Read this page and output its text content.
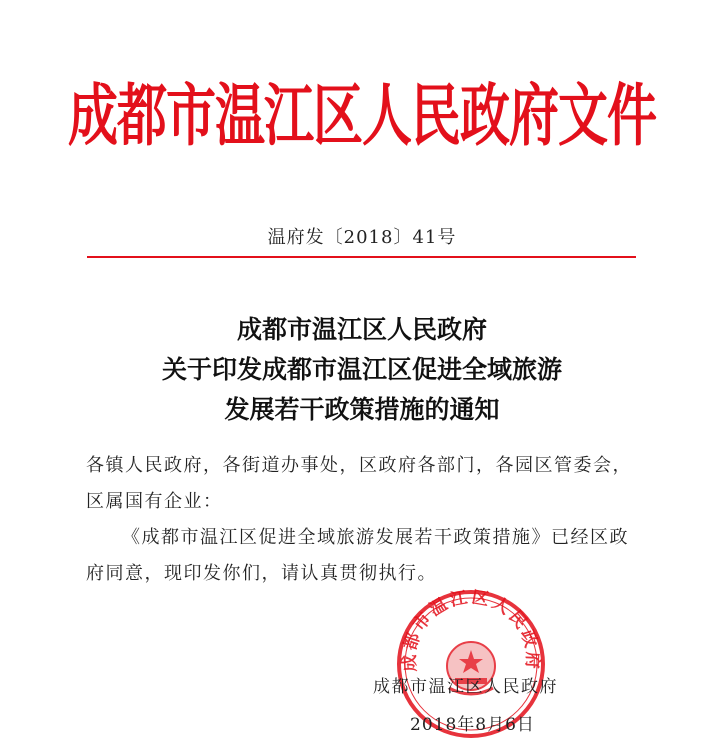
成都市温江区人民政府文件
温府发〔2018〕41号
成都市温江区人民政府
关于印发成都市温江区促进全域旅游
发展若干政策措施的通知

各镇人民政府，各街道办事处，区政府各部门，各园区管委会，

区属国有企业：

《成都市温江区促进全域旅游发展若干政策措施》已经区政

府同意，现印发你们，请认真贯彻执行。

成都市温江区人民政府
成都市温江区人民政府
2018年8月6日
